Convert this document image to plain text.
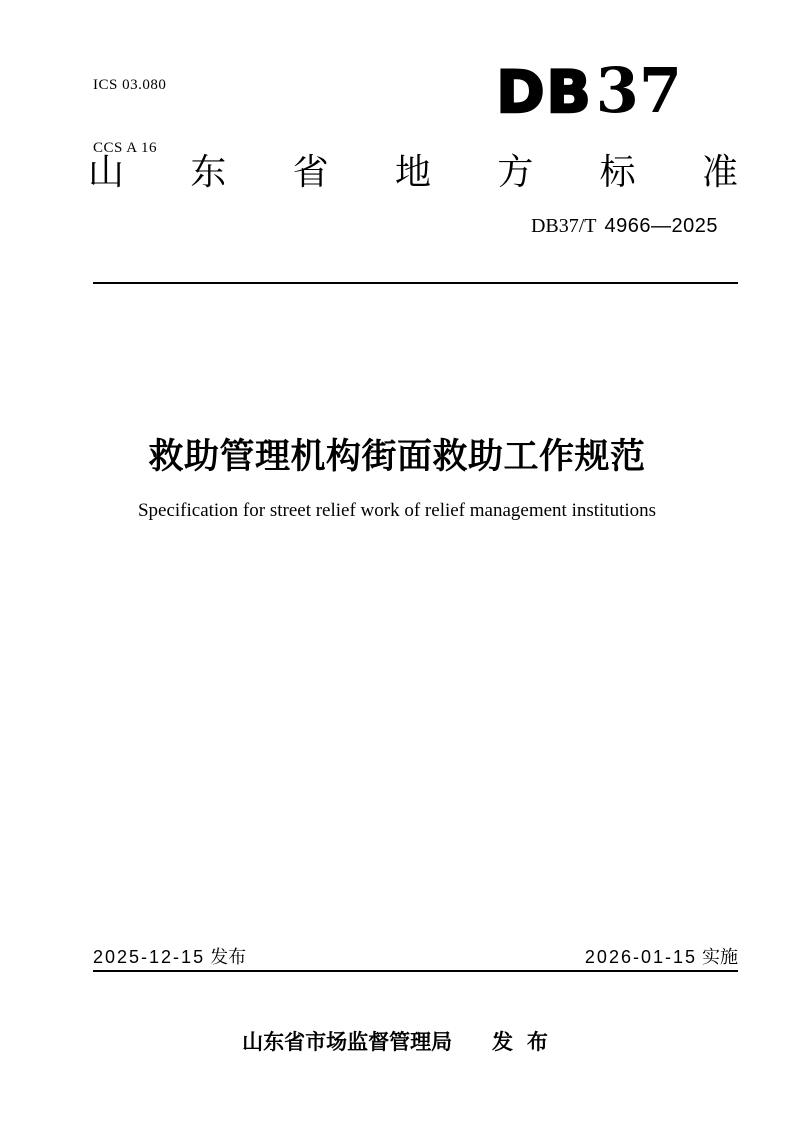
ICS 03.080

CCS A 16

DB 37
山 东 省 地 方 标 准
DB37/T 4966—2025
救助管理机构街面救助工作规范
Specification for street relief work of relief management institutions
2025-12-15 发布	2026-01-15 实施
山东省市场监督管理局 发 布
